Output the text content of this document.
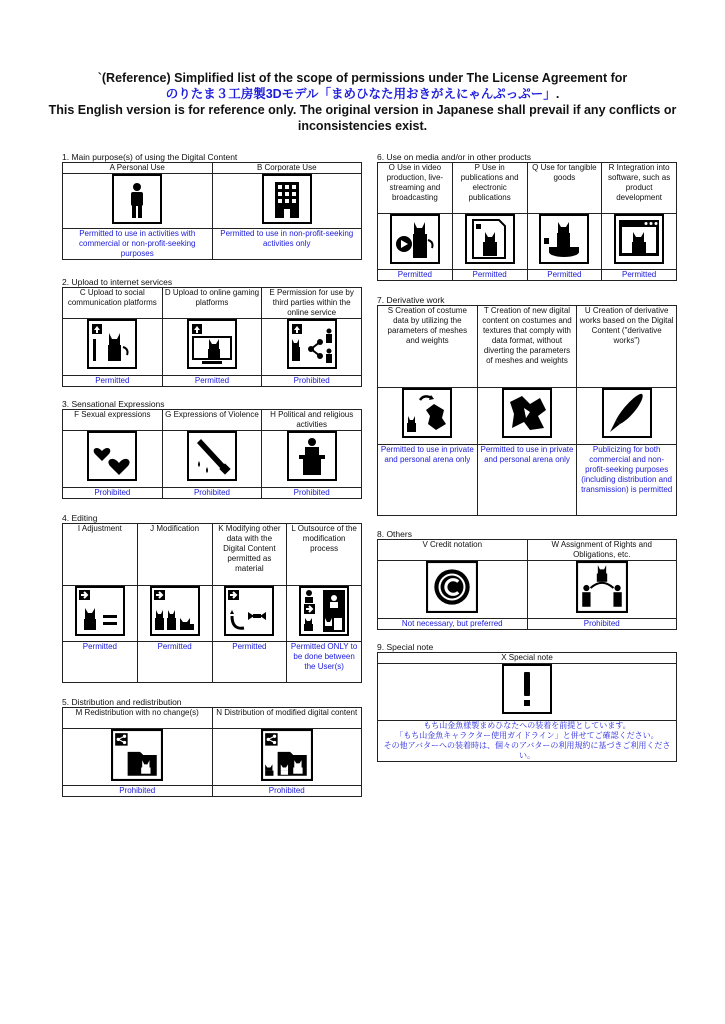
`(Reference) Simplified list of the scope of permissions under The License Agreement for
のりたま３工房製3Dモデル「まめひなた用おきがえにゃんぷっぷー」.
This English version is for reference only. The original version in Japanese shall prevail if any conflicts or inconsistencies exist.
1. Main purpose(s) of using the Digital Content
A Personal Use	B Corporate Use

Permitted to use in activities with commercial or non-profit-seeking purposes	Permitted to use in non-profit-seeking activities only
2. Upload to internet services
C Upload to social communication platforms	D Upload to online gaming platforms	E Permission for use by third parties within the online service

Permitted	Permitted	Prohibited
3. Sensational Expressions
F Sexual expressions	G Expressions of Violence	H Political and religious activities

Prohibited	Prohibited	Prohibited
4. Editing
I Adjustment	J Modification	K Modifying other data with the Digital Content permitted as material	L Outsource of the modification process

Permitted	Permitted	Permitted	Permitted ONLY to be done between the User(s)
5. Distribution and redistribution
M Redistribution with no change(s)	N Distribution of modified digital content

Prohibited	Prohibited
6. Use on media and/or in other products
O Use in video production, live-streaming and broadcasting	P Use in publications and electronic publications	Q Use for tangible goods	R Integration into software, such as product development

Permitted	Permitted	Permitted	Permitted
7. Derivative work
S Creation of costume data by utilizing the parameters of meshes and weights	T Creation of new digital content on costumes and textures that comply with data format, without diverting the parameters of meshes and weights	U Creation of derivative works based on the Digital Content ("derivative works")

Permitted to use in private and personal arena only	Permitted to use in private and personal arena only	Publicizing for both commercial and non-profit-seeking purposes (including distribution and transmission) is permitted
8. Others
V Credit notation	W Assignment of Rights and Obligations, etc.

Not necessary, but preferred	Prohibited
9. Special note
X Special note

もち山金魚様製まめひなたへの装着を前提としています。
「もち山金魚キャラクター使用ガイドライン」と併せてご確認ください。
その他アバターへの装着時は、個々のアバターの利用規約に基づきご利用ください。
